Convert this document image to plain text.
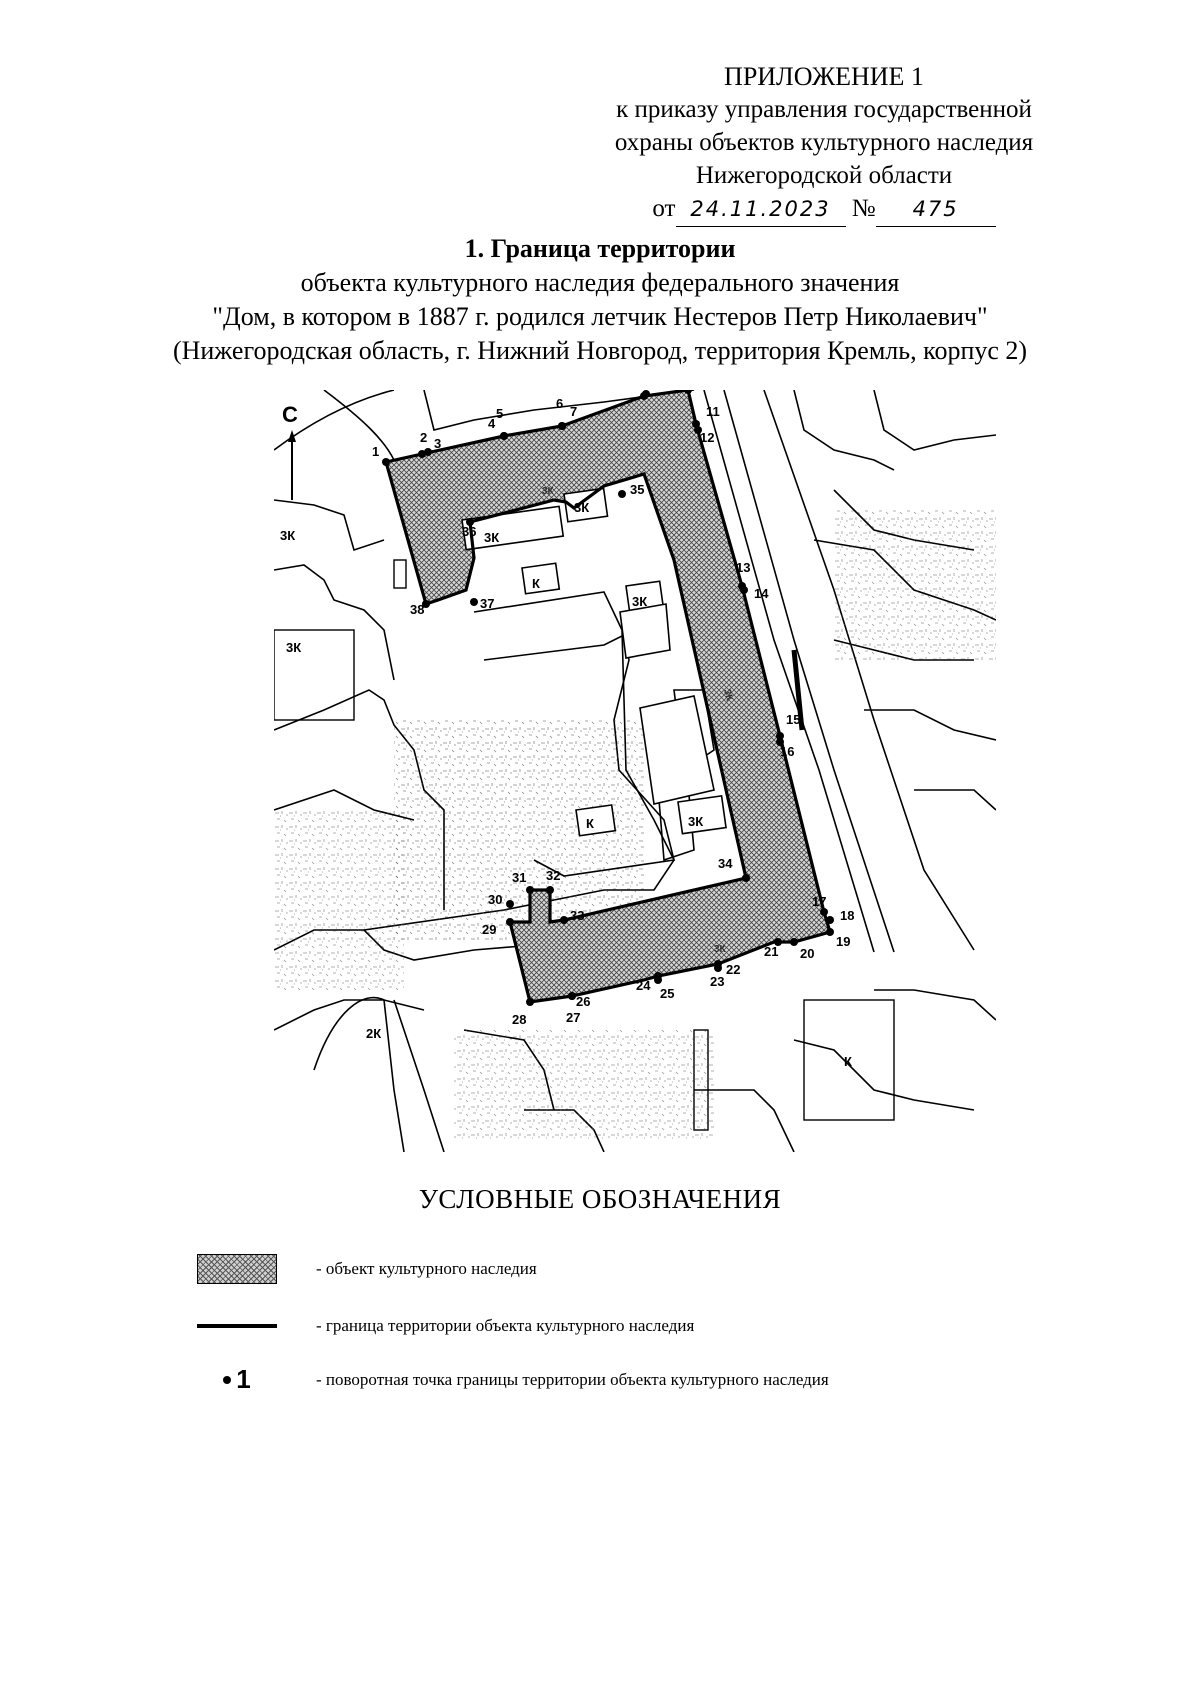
ПРИЛОЖЕНИЕ 1
к приказу управления государственной
охраны объектов культурного наследия
Нижегородской области
от 24.11.2023 № 475
1. Граница территории
объекта культурного наследия федерального значения
"Дом, в котором в 1887 г. родился летчик Нестеров Петр Николаевич"
(Нижегородская область, г. Нижний Новгород, территория Кремль, корпус 2)
1
2 3
4
5
6
7	11
12
13
14
15
16
17
18
19
20
21
22
23
24
25
26
27
28
29
30
31 32
33
34
35
36
37
38
3К
3К
3К
3К
3К
3К
2К
К
К
К
3К
3К
3К
С
УСЛОВНЫЕ ОБОЗНАЧЕНИЯ
- объект культурного наследия
- граница территории объекта культурного наследия
1	- поворотная точка границы территории объекта культурного наследия
